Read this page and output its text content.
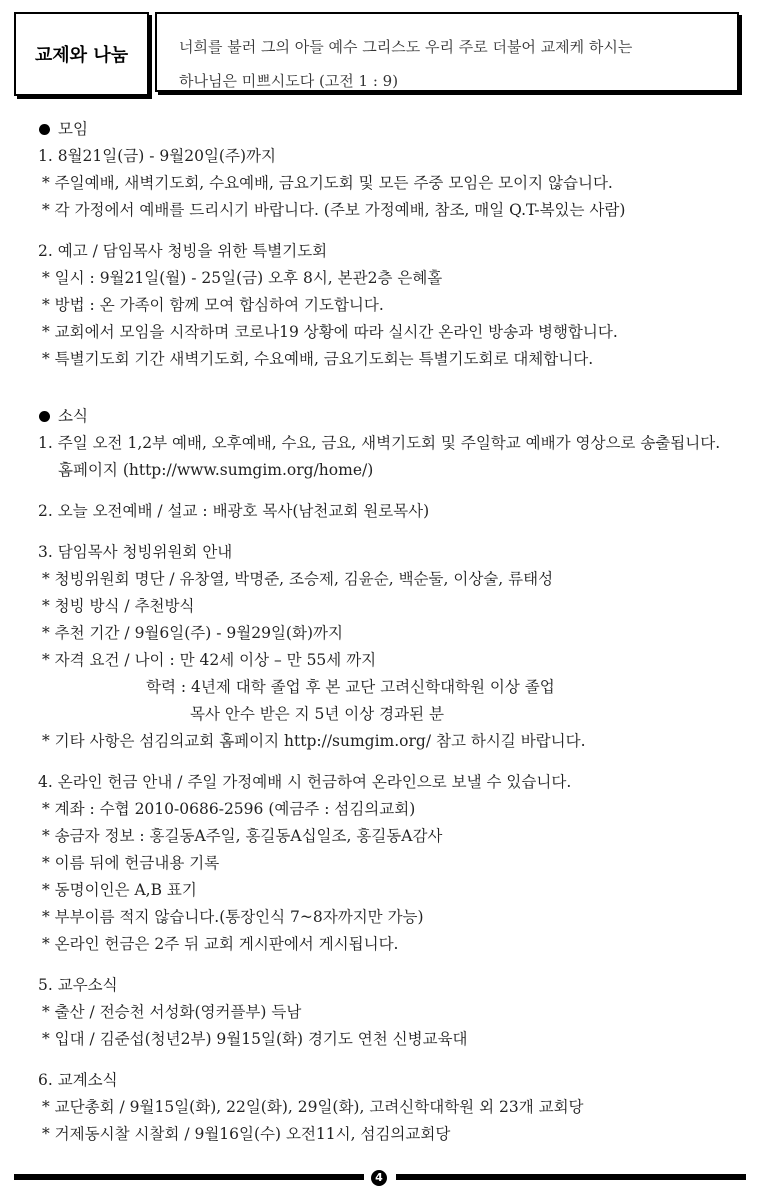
교제와 나눔	너희를 불러 그의 아들 예수 그리스도 우리 주로 더불어 교제케 하시는
하나님은 미쁘시도다 (고전 1 : 9)
모임
1. 8월21일(금) - 9월20일(주)까지
* 주일예배, 새벽기도회, 수요예배, 금요기도회 및 모든 주중 모임은 모이지 않습니다.
* 각 가정에서 예배를 드리시기 바랍니다. (주보 가정예배, 참조, 매일 Q.T-복있는 사람)
2. 예고 / 담임목사 청빙을 위한 특별기도회
* 일시 : 9월21일(월) - 25일(금) 오후 8시, 본관2층 은혜홀
* 방법 : 온 가족이 함께 모여 합심하여 기도합니다.
* 교회에서 모임을 시작하며 코로나19 상황에 따라 실시간 온라인 방송과 병행합니다.
* 특별기도회 기간 새벽기도회, 수요예배, 금요기도회는 특별기도회로 대체합니다.
소식
1. 주일 오전 1,2부 예배, 오후예배, 수요, 금요, 새벽기도회 및 주일학교 예배가 영상으로 송출됩니다.
홈페이지 (http://www.sumgim.org/home/)
2. 오늘 오전예배 / 설교 : 배광호 목사(남천교회 원로목사)
3. 담임목사 청빙위원회 안내
* 청빙위원회 명단 / 유창열, 박명준, 조승제, 김윤순, 백순둘, 이상술, 류태성
* 청빙 방식 / 추천방식
* 추천 기간 / 9월6일(주) - 9월29일(화)까지
* 자격 요건 / 나이 : 만 42세 이상 – 만 55세 까지
학력 : 4년제 대학 졸업 후 본 교단 고려신학대학원 이상 졸업
목사 안수 받은 지 5년 이상 경과된 분
* 기타 사항은 섬김의교회 홈페이지 http://sumgim.org/ 참고 하시길 바랍니다.
4. 온라인 헌금 안내 / 주일 가정예배 시 헌금하여 온라인으로 보낼 수 있습니다.
* 계좌 : 수협 2010-0686-2596 (예금주 : 섬김의교회)
* 송금자 정보 : 홍길동A주일, 홍길동A십일조, 홍길동A감사
* 이름 뒤에 헌금내용 기록
* 동명이인은 A,B 표기
* 부부이름 적지 않습니다.(통장인식 7~8자까지만 가능)
* 온라인 헌금은 2주 뒤 교회 게시판에서 게시됩니다.
5. 교우소식
* 출산 / 전승천 서성화(영커플부) 득남
* 입대 / 김준섭(청년2부) 9월15일(화) 경기도 연천 신병교육대
6. 교계소식
* 교단총회 / 9월15일(화), 22일(화), 29일(화), 고려신학대학원 외 23개 교회당
* 거제동시찰 시찰회 / 9월16일(수) 오전11시, 섬김의교회당
4
